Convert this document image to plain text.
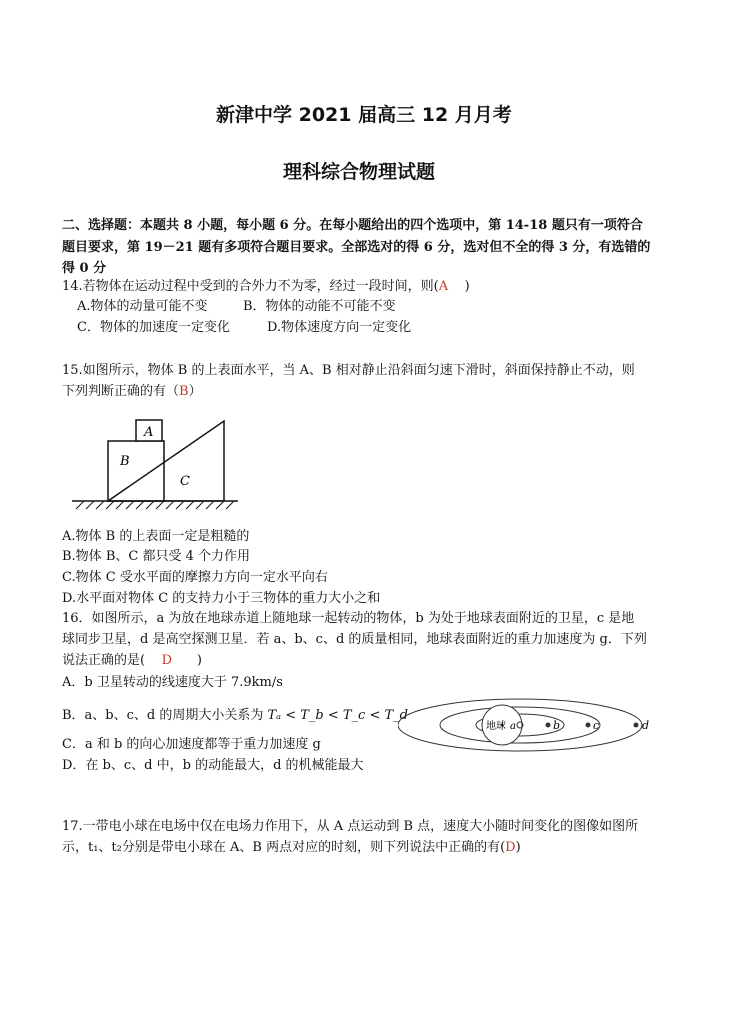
新津中学 2021 届高三 12 月月考
理科综合物理试题
二、选择题：本题共 8 小题，每小题 6 分。在每小题给出的四个选项中，第 14-18 题只有一项符合
题目要求，第 19－21 题有多项符合题目要求。全部选对的得 6 分，选对但不全的得 3 分，有选错的
得 0 分
14.若物体在运动过程中受到的合外力不为零，经过一段时间，则(A )
A.物体的动量可能不变	B．物体的动能不可能不变
C．物体的加速度一定变化	D.物体速度方向一定变化
15.如图所示，物体 B 的上表面水平，当 A、B 相对静止沿斜面匀速下滑时，斜面保持静止不动，则
下列判断正确的有（B）
A
B
C
A.物体 B 的上表面一定是粗糙的
B.物体 B、C 都只受 4 个力作用
C.物体 C 受水平面的摩擦力方向一定水平向右
D.水平面对物体 C 的支持力小于三物体的重力大小之和
16．如图所示，a 为放在地球赤道上随地球一起转动的物体，b 为处于地球表面附近的卫星，c 是地
球同步卫星，d 是高空探测卫星．若 a、b、c、d 的质量相同，地球表面附近的重力加速度为 g．下列
说法正确的是( D )
A．b 卫星转动的线速度大于 7.9km/s
B．a、b、c、d 的周期大小关系为 Tₐ < T_b < T_c < T_d
C．a 和 b 的向心加速度都等于重力加速度 g
D．在 b、c、d 中，b 的动能最大，d 的机械能最大
地球 a	b	c	d
17.一带电小球在电场中仅在电场力作用下，从 A 点运动到 B 点，速度大小随时间变化的图像如图所
示，t₁、t₂分别是带电小球在 A、B 两点对应的时刻，则下列说法中正确的有(D)
